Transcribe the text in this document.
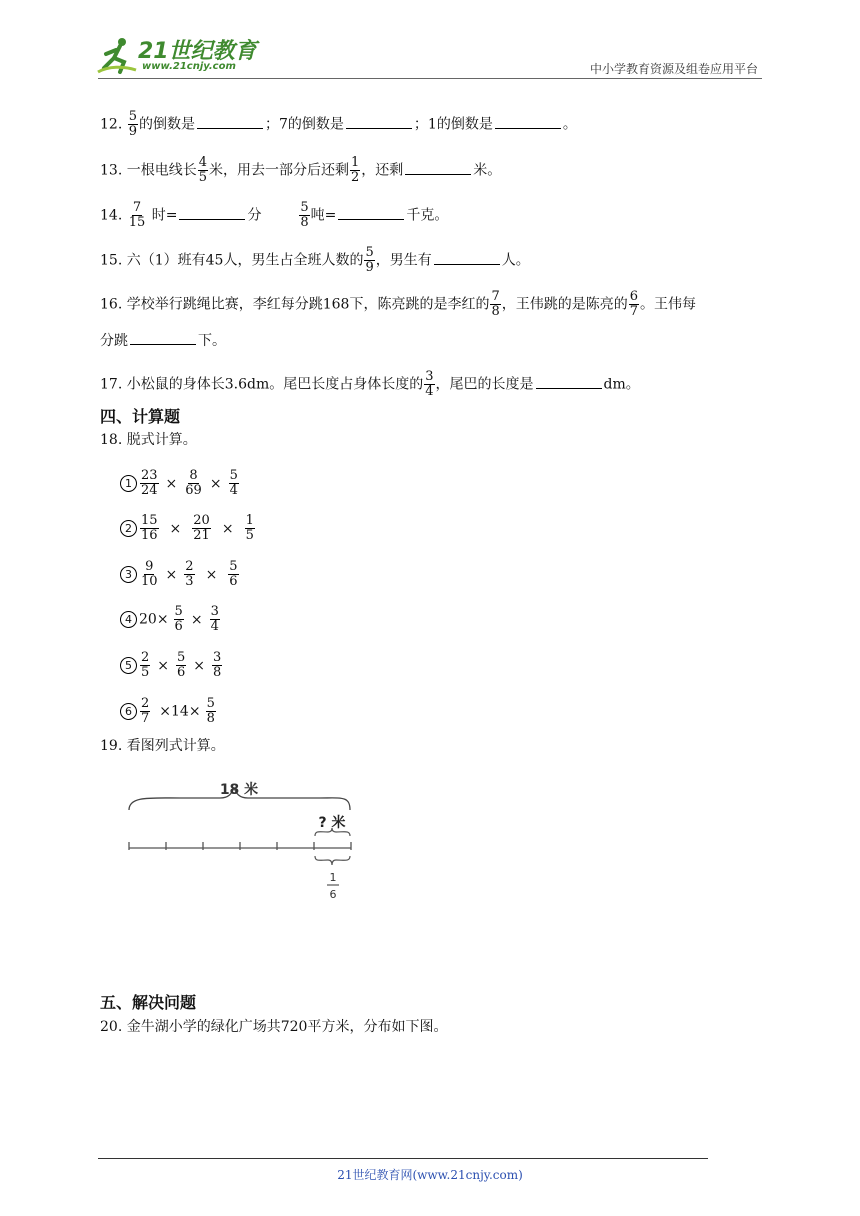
21世纪教育
www.21cnjy.com	中小学教育资源及组卷应用平台
12. $\frac{5}{9}$ 的倒数是	；7的倒数是	；1的倒数是	。
13. 一根电线长 $\frac{4}{5}$ 米，用去一部分后还剩 $\frac{1}{2}$ ，还剩	米。
14. $\frac{7}{15}$ 时=	分	$\frac{5}{8}$ 吨=	千克。
15. 六（1）班有45人，男生占全班人数的 $\frac{5}{9}$ ，男生有	人。
16. 学校举行跳绳比赛，李红每分跳168下，陈亮跳的是李红的 $\frac{7}{8}$ ，王伟跳的是陈亮的 $\frac{6}{7}$ 。王伟每
分跳	下。
17. 小松鼠的身体长3.6dm。尾巴长度占身体长度的 $\frac{3}{4}$ ，尾巴的长度是	dm。
四、计算题
18. 脱式计算。
$1 \frac{23}{24} \times \frac{8}{69} \times \frac{5}{4}$
$2 \frac{15}{16} \times \frac{20}{21} \times \frac{1}{5}$
$3 \frac{9}{10} \times \frac{2}{3} \times \frac{5}{6}$
4 $20\times \frac{5}{6} \times \frac{3}{4}$
$5 \frac{2}{5} \times \frac{5}{6} \times \frac{3}{8}$
$6 \frac{2}{7} \times 14\times \frac{5}{8}$
19. 看图列式计算。
18 米
? 米
1
6
五、解决问题
20. 金牛湖小学的绿化广场共720平方米，分布如下图。
21世纪教育网(www.21cnjy.com)
